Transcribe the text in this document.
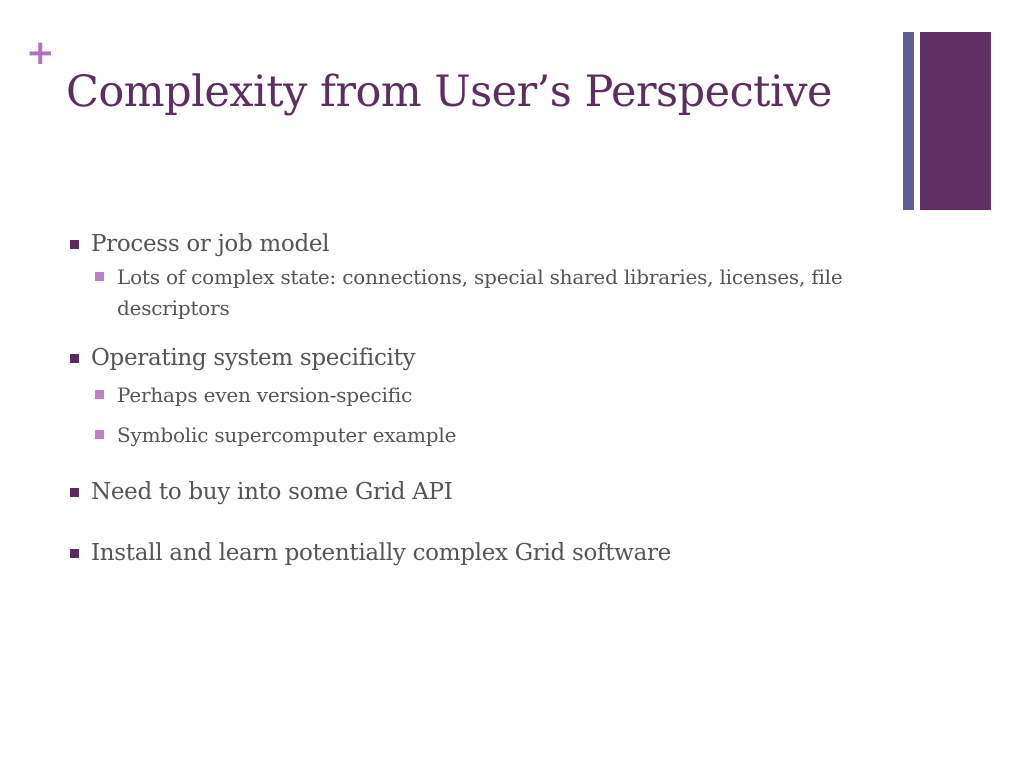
+
Complexity from User’s Perspective
Process or job model
Lots of complex state: connections, special shared libraries, licenses, file descriptors
Operating system specificity
Perhaps even version-specific
Symbolic supercomputer example
Need to buy into some Grid API
Install and learn potentially complex Grid software
